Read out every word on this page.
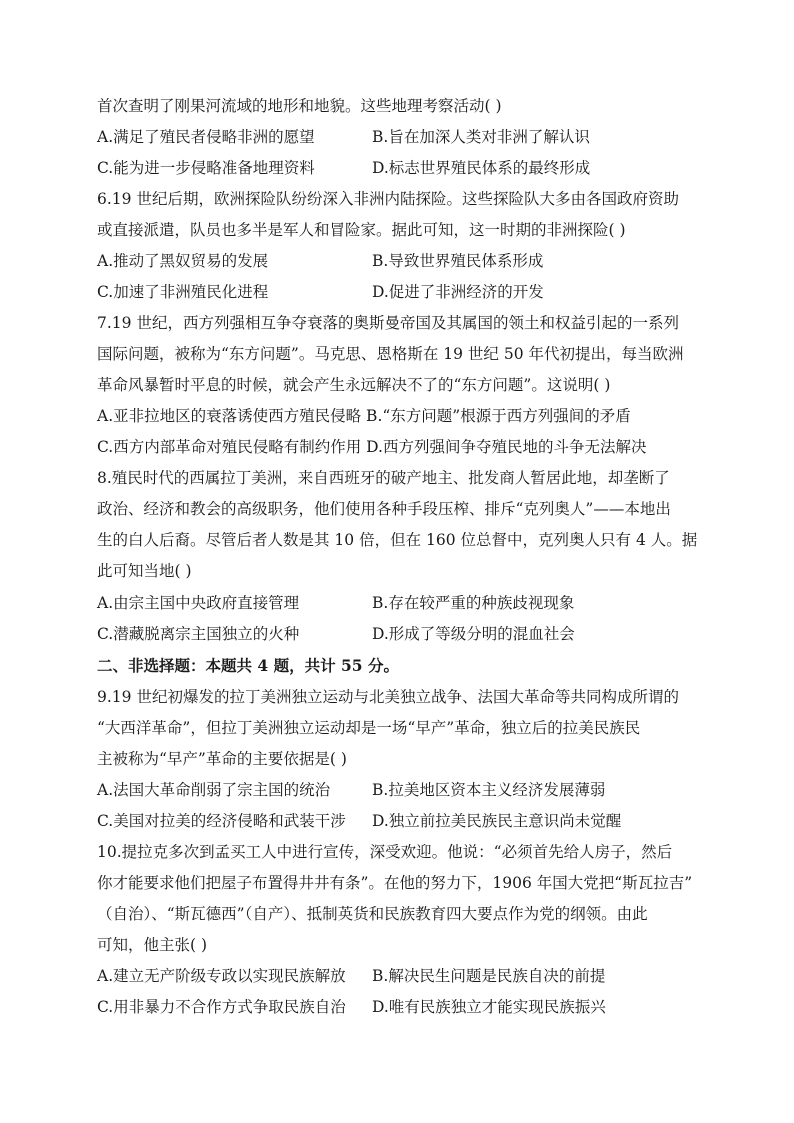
首次查明了刚果河流域的地形和地貌。这些地理考察活动( )
A.满足了殖民者侵略非洲的愿望	B.旨在加深人类对非洲了解认识
C.能为进一步侵略准备地理资料	D.标志世界殖民体系的最终形成
6.19 世纪后期，欧洲探险队纷纷深入非洲内陆探险。这些探险队大多由各国政府资助
或直接派遣，队员也多半是军人和冒险家。据此可知，这一时期的非洲探险( )
A.推动了黑奴贸易的发展	B.导致世界殖民体系形成
C.加速了非洲殖民化进程	D.促进了非洲经济的开发
7.19 世纪，西方列强相互争夺衰落的奥斯曼帝国及其属国的领土和权益引起的一系列
国际问题，被称为“东方问题”。马克思、恩格斯在 19 世纪 50 年代初提出，每当欧洲
革命风暴暂时平息的时候，就会产生永远解决不了的“东方问题”。这说明( )
A.亚非拉地区的衰落诱使西方殖民侵略 B.“东方问题”根源于西方列强间的矛盾
C.西方内部革命对殖民侵略有制约作用 D.西方列强间争夺殖民地的斗争无法解决
8.殖民时代的西属拉丁美洲，来自西班牙的破产地主、批发商人暂居此地，却垄断了
政治、经济和教会的高级职务，他们使用各种手段压榨、排斥“克列奥人”——本地出
生的白人后裔。尽管后者人数是其 10 倍，但在 160 位总督中，克列奥人只有 4 人。据
此可知当地( )
A.由宗主国中央政府直接管理	B.存在较严重的种族歧视现象
C.潜藏脱离宗主国独立的火种	D.形成了等级分明的混血社会
二、非选择题：本题共 4 题，共计 55 分。
9.19 世纪初爆发的拉丁美洲独立运动与北美独立战争、法国大革命等共同构成所谓的
“大西洋革命”，但拉丁美洲独立运动却是一场“早产”革命，独立后的拉美民族民
主被称为“早产”革命的主要依据是( )
A.法国大革命削弱了宗主国的统治	B.拉美地区资本主义经济发展薄弱
C.美国对拉美的经济侵略和武装干涉 D.独立前拉美民族民主意识尚未觉醒
10.提拉克多次到孟买工人中进行宣传，深受欢迎。他说：“必须首先给人房子，然后
你才能要求他们把屋子布置得井井有条”。在他的努力下，1906 年国大党把“斯瓦拉吉”
（自治）、“斯瓦德西”（自产）、抵制英货和民族教育四大要点作为党的纲领。由此
可知，他主张( )
A.建立无产阶级专政以实现民族解放 B.解决民生问题是民族自决的前提
C.用非暴力不合作方式争取民族自治 D.唯有民族独立才能实现民族振兴
